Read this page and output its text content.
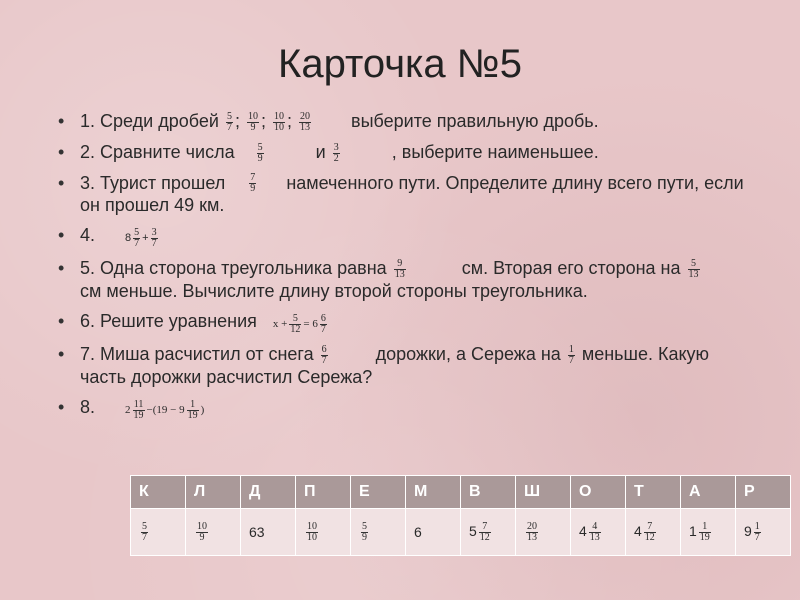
Карточка №5
• 1. Среди дробей $\frac{5}{7}$ ; $\frac{10}{9}$ ; $\frac{10}{10}$ ; $\frac{20}{13}$ выберите правильную дробь.
• 2. Сравните числа $\frac{5}{9}$	и $\frac{3}{2}$	, выберите наименьшее.
• 3. Турист прошел $\frac{7}{9}$ намеченного пути. Определите длину всего пути, если он прошел 49 км.
• 4.	$8 \frac{5}{7} + \frac{3}{7}$
• 5. Одна сторона треугольника равна $\frac{9}{13}$	см. Вторая его сторона на $\frac{5}{13}$
см меньше. Вычислите длину второй стороны треугольника.
• 6. Решите уравнения  $x + \frac{5}{12} = 6 \frac{6}{7}$
• 7. Миша расчистил от снега $\frac{6}{7}$	дорожки, а Сережа на $\frac{1}{7}$ меньше. Какую часть дорожки расчистил Сережа?
• 8.	$2 \frac{11}{19} -(19 - 9 \frac{1}{19}$ )
К	Л	Д	П	Е	М	В	Ш	О	Т	А	Р

$\frac{5}{7}$	$\frac{10}{9}$	63	$\frac{10}{10}$	$\frac{5}{9}$	6	$5 \frac{7}{12}$	$\frac{20}{13}$	$4 \frac{4}{13}$	$4 \frac{7}{12}$	$1 \frac{1}{19}$	$9 \frac{1}{7}$
